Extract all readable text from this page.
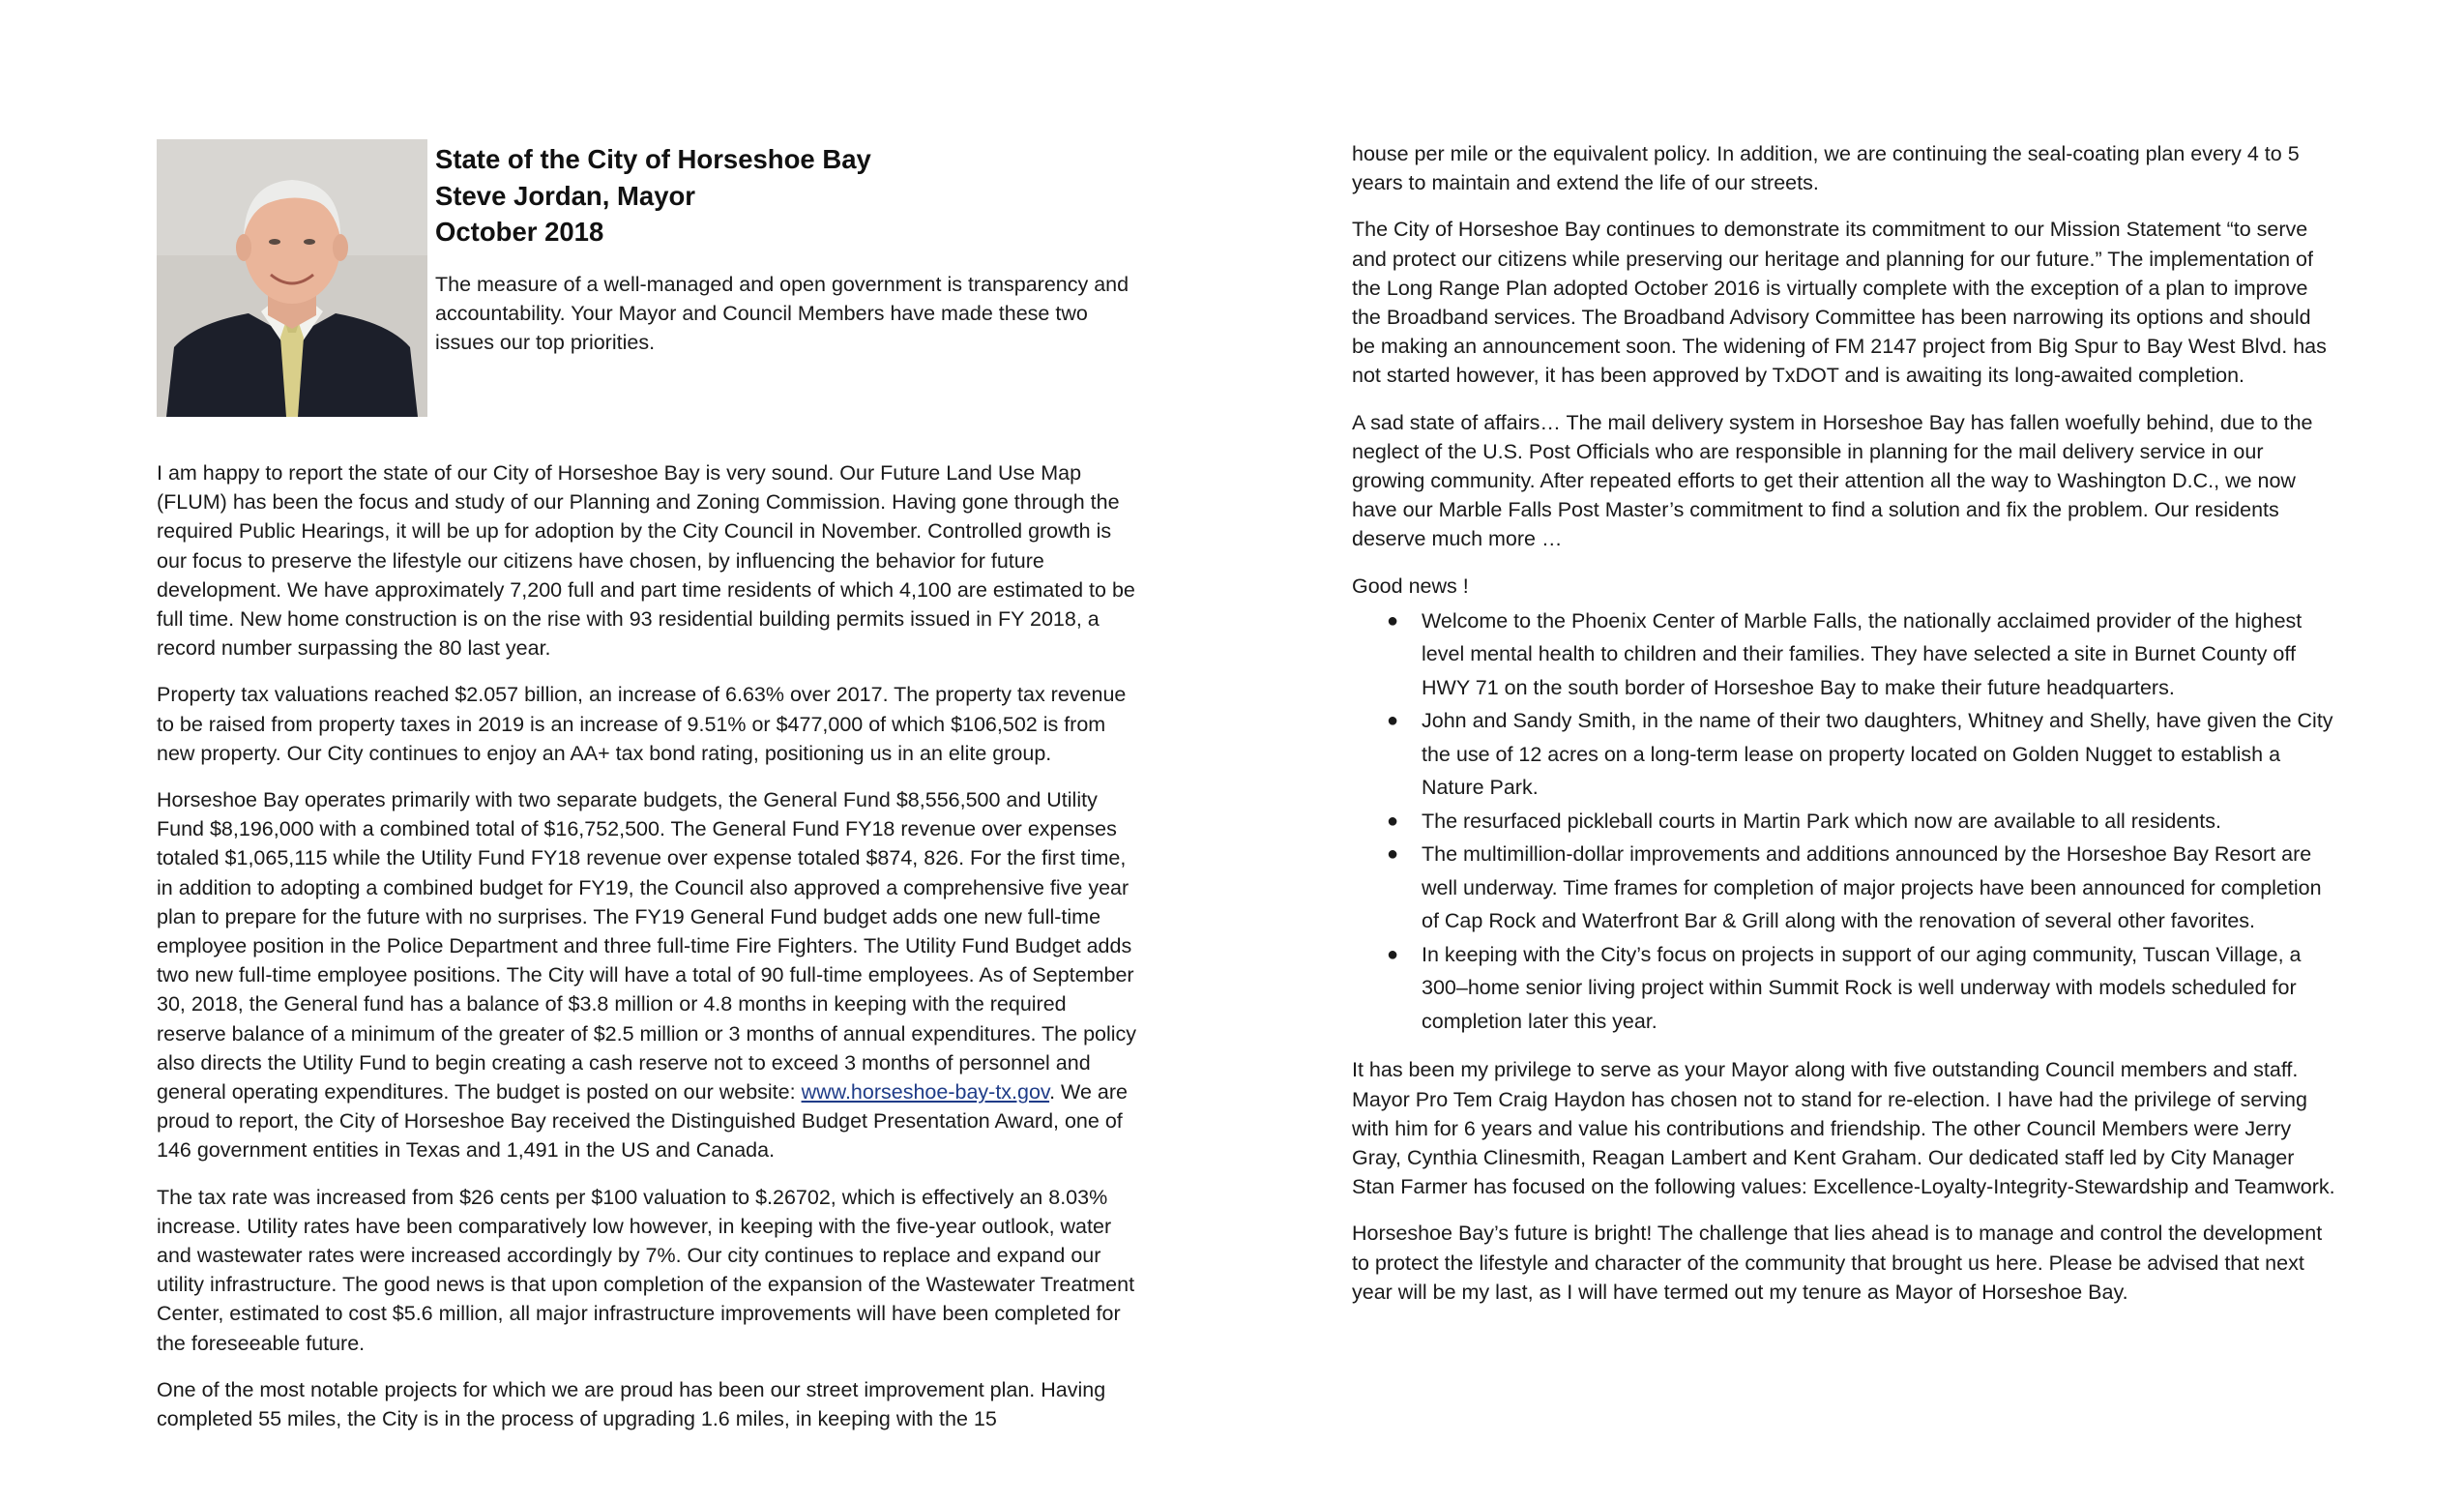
State of the City of Horseshoe Bay
Steve Jordan, Mayor
October 2018
The measure of a well-managed and open government is transparency and accountability. Your Mayor and Council Members have made these two issues our top priorities.

I am happy to report the state of our City of Horseshoe Bay is very sound. Our Future Land Use Map (FLUM) has been the focus and study of our Planning and Zoning Commission. Having gone through the required Public Hearings, it will be up for adoption by the City Council in November. Controlled growth is our focus to preserve the lifestyle our citizens have chosen, by influencing the behavior for future development. We have approximately 7,200 full and part time residents of which 4,100 are estimated to be full time. New home construction is on the rise with 93 residential building permits issued in FY 2018, a record number surpassing the 80 last year.

Property tax valuations reached $2.057 billion, an increase of 6.63% over 2017. The property tax revenue to be raised from property taxes in 2019 is an increase of 9.51% or $477,000 of which $106,502 is from new property. Our City continues to enjoy an AA+ tax bond rating, positioning us in an elite group.

Horseshoe Bay operates primarily with two separate budgets, the General Fund $8,556,500 and Utility Fund $8,196,000 with a combined total of $16,752,500. The General Fund FY18 revenue over expenses totaled $1,065,115 while the Utility Fund FY18 revenue over expense totaled $874, 826. For the first time, in addition to adopting a combined budget for FY19, the Council also approved a comprehensive five year plan to prepare for the future with no surprises. The FY19 General Fund budget adds one new full-time employee position in the Police Department and three full-time Fire Fighters. The Utility Fund Budget adds two new full-time employee positions. The City will have a total of 90 full-time employees. As of September 30, 2018, the General fund has a balance of $3.8 million or 4.8 months in keeping with the required reserve balance of a minimum of the greater of $2.5 million or 3 months of annual expenditures. The policy also directs the Utility Fund to begin creating a cash reserve not to exceed 3 months of personnel and general operating expenditures. The budget is posted on our website: www.horseshoe-bay-tx.gov. We are proud to report, the City of Horseshoe Bay received the Distinguished Budget Presentation Award, one of 146 government entities in Texas and 1,491 in the US and Canada.

The tax rate was increased from $26 cents per $100 valuation to $.26702, which is effectively an 8.03% increase. Utility rates have been comparatively low however, in keeping with the five-year outlook, water and wastewater rates were increased accordingly by 7%. Our city continues to replace and expand our utility infrastructure. The good news is that upon completion of the expansion of the Wastewater Treatment Center, estimated to cost $5.6 million, all major infrastructure improvements will have been completed for the foreseeable future.

One of the most notable projects for which we are proud has been our street improvement plan. Having completed 55 miles, the City is in the process of upgrading 1.6 miles, in keeping with the 15

house per mile or the equivalent policy. In addition, we are continuing the seal-coating plan every 4 to 5 years to maintain and extend the life of our streets.

The City of Horseshoe Bay continues to demonstrate its commitment to our Mission Statement “to serve and protect our citizens while preserving our heritage and planning for our future.” The implementation of the Long Range Plan adopted October 2016 is virtually complete with the exception of a plan to improve the Broadband services. The Broadband Advisory Committee has been narrowing its options and should be making an announcement soon. The widening of FM 2147 project from Big Spur to Bay West Blvd. has not started however, it has been approved by TxDOT and is awaiting its long-awaited completion.

A sad state of affairs… The mail delivery system in Horseshoe Bay has fallen woefully behind, due to the neglect of the U.S. Post Officials who are responsible in planning for the mail delivery service in our growing community. After repeated efforts to get their attention all the way to Washington D.C., we now have our Marble Falls Post Master’s commitment to find a solution and fix the problem. Our residents deserve much more …

Good news !

● Welcome to the Phoenix Center of Marble Falls, the nationally acclaimed provider of the highest level mental health to children and their families. They have selected a site in Burnet County off HWY 71 on the south border of Horseshoe Bay to make their future headquarters.
● John and Sandy Smith, in the name of their two daughters, Whitney and Shelly, have given the City the use of 12 acres on a long-term lease on property located on Golden Nugget to establish a Nature Park.
● The resurfaced pickleball courts in Martin Park which now are available to all residents.
● The multimillion-dollar improvements and additions announced by the Horseshoe Bay Resort are well underway. Time frames for completion of major projects have been announced for completion of Cap Rock and Waterfront Bar & Grill along with the renovation of several other favorites.
● In keeping with the City’s focus on projects in support of our aging community, Tuscan Village, a 300–home senior living project within Summit Rock is well underway with models scheduled for completion later this year.

It has been my privilege to serve as your Mayor along with five outstanding Council members and staff. Mayor Pro Tem Craig Haydon has chosen not to stand for re-election. I have had the privilege of serving with him for 6 years and value his contributions and friendship. The other Council Members were Jerry Gray, Cynthia Clinesmith, Reagan Lambert and Kent Graham. Our dedicated staff led by City Manager Stan Farmer has focused on the following values: Excellence-Loyalty-Integrity-Stewardship and Teamwork.

Horseshoe Bay’s future is bright! The challenge that lies ahead is to manage and control the development to protect the lifestyle and character of the community that brought us here. Please be advised that next year will be my last, as I will have termed out my tenure as Mayor of Horseshoe Bay.
